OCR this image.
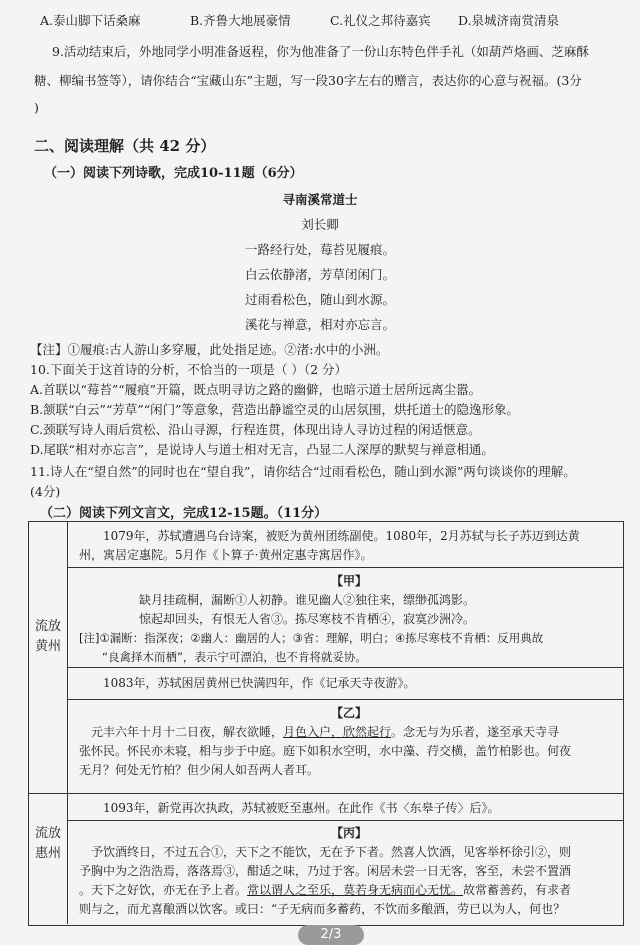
A.泰山脚下话桑麻	B.齐鲁大地展豪情	C.礼仪之邦待嘉宾 D.泉城济南赏清泉
9.活动结束后，外地同学小明准备返程，你为他准备了一份山东特色伴手礼（如葫芦烙画、芝麻酥
糖、柳编书签等），请你结合“宝藏山东”主题，写一段30字左右的赠言，表达你的心意与祝福。(3分
)
二、阅读理解（共 42 分）
（一）阅读下列诗歌，完成10-11题（6分）
寻南溪常道士
刘长卿
一路经行处，莓苔见履痕。
白云依静渚，芳草闭闲门。
过雨看松色，随山到水源。
溪花与禅意，相对亦忘言。
【注】①履痕:古人游山多穿履，此处指足迹。②渚:水中的小洲。
10.下面关于这首诗的分析，不恰当的一项是（ ）（2 分）
A.首联以“莓苔”“履痕”开篇，既点明寻访之路的幽僻，也暗示道士居所远离尘嚣。
B.颔联“白云”“芳草”“闲门”等意象，营造出静谧空灵的山居氛围，烘托道士的隐逸形象。
C.颈联写诗人雨后赏松、沿山寻源，行程连贯，体现出诗人寻访过程的闲适惬意。
D.尾联“相对亦忘言”，是说诗人与道士相对无言，凸显二人深厚的默契与禅意相通。
11.诗人在“望自然”的同时也在“望自我”，请你结合“过雨看松色，随山到水源”两句谈谈你的理解。
(4分)
（二）阅读下列文言文，完成12-15题。（11分）
流放黄州
流放惠州

1079年，苏轼遭遇乌台诗案，被贬为黄州团练副使。1080年，2月苏轼与长子苏迈到达黄

州，寓居定惠院。5月作《卜算子·黄州定惠寺寓居作》。

【甲】

缺月挂疏桐，漏断①人初静。谁见幽人②独往来，缥缈孤鸿影。

惊起却回头，有恨无人省③。拣尽寒枝不肯栖④，寂寞沙洲冷。

[注]①漏断：指深夜；②幽人：幽居的人；③省：理解，明白；④拣尽寒枝不肯栖：反用典故

“良禽择木而栖”，表示宁可漂泊，也不肯将就妥协。

1083年，苏轼困居黄州已快满四年，作《记承天寺夜游》。

【乙】

元丰六年十月十二日夜，解衣欲睡，月色入户，欣然起行。念无与为乐者，遂至承天寺寻

张怀民。怀民亦未寝，相与步于中庭。庭下如积水空明，水中藻、荇交横，盖竹柏影也。何夜

无月？何处无竹柏？但少闲人如吾两人者耳。

1093年，新党再次执政，苏轼被贬至惠州。在此作《书〈东皋子传〉后》。

【丙】

予饮酒终日，不过五合①，天下之不能饮，无在予下者。然喜人饮酒，见客举杯徐引②，则

予胸中为之浩浩焉，落落焉③，酣适之味，乃过于客。闲居未尝一日无客，客至，未尝不置酒

。天下之好饮，亦无在予上者。常以谓人之至乐，莫若身无病而心无忧。故常蓄善药，有求者

则与之，而尤喜酿酒以饮客。或曰：“子无病而多蓄药，不饮而多酿酒，劳已以为人，何也？

2/3
